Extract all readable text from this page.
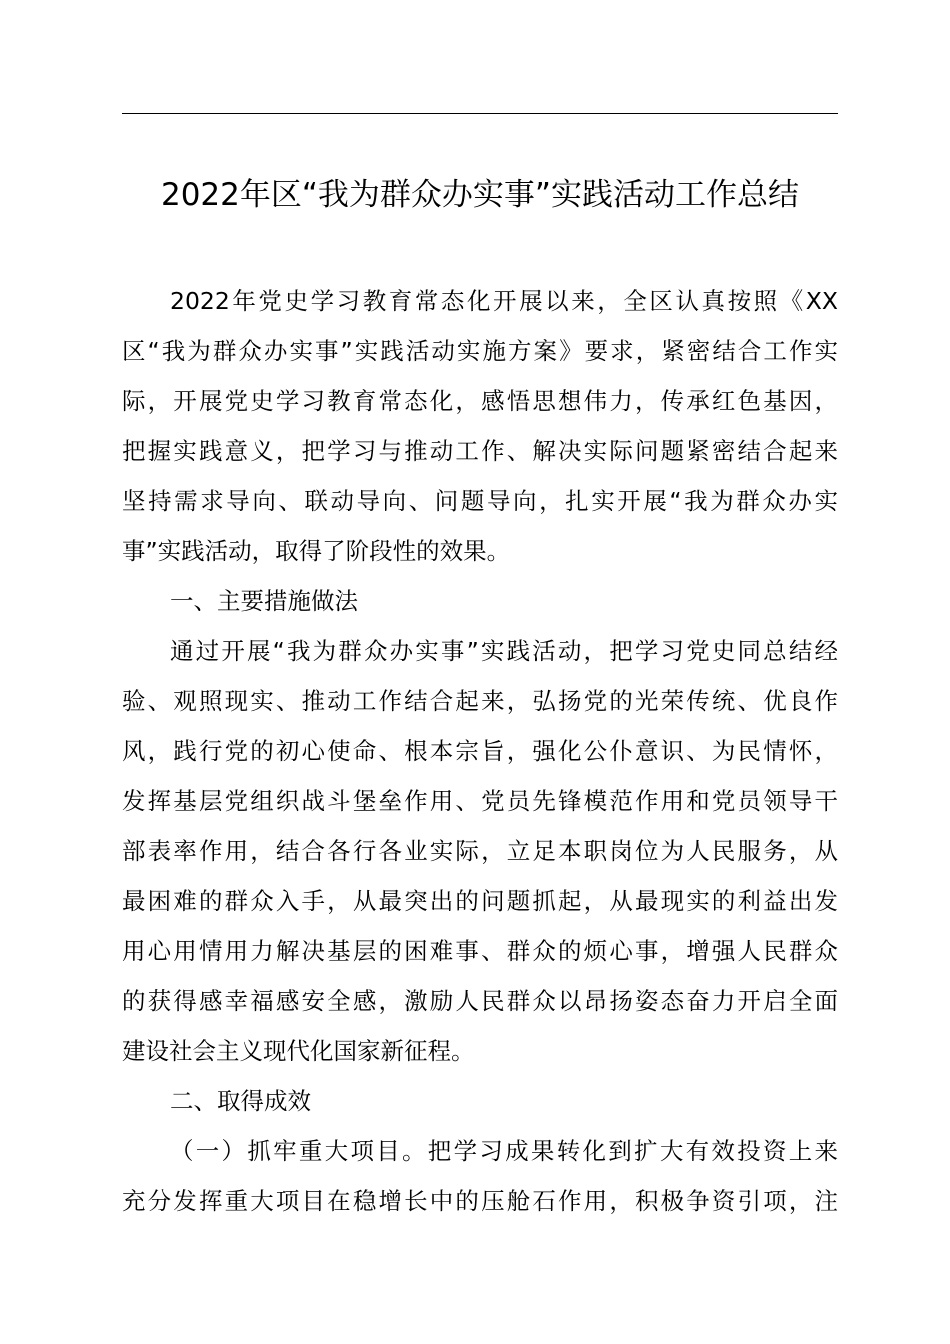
2022年区“我为群众办实事”实践活动工作总结
2022年党史学习教育常态化开展以来，全区认真按照《XX
区“我为群众办实事”实践活动实施方案》要求，紧密结合工作实
际，开展党史学习教育常态化，感悟思想伟力，传承红色基因，
把握实践意义，把学习与推动工作、解决实际问题紧密结合起来
坚持需求导向、联动导向、问题导向，扎实开展“我为群众办实
事”实践活动，取得了阶段性的效果。
一、主要措施做法
通过开展“我为群众办实事”实践活动，把学习党史同总结经
验、观照现实、推动工作结合起来，弘扬党的光荣传统、优良作
风，践行党的初心使命、根本宗旨，强化公仆意识、为民情怀，
发挥基层党组织战斗堡垒作用、党员先锋模范作用和党员领导干
部表率作用，结合各行各业实际，立足本职岗位为人民服务，从
最困难的群众入手，从最突出的问题抓起，从最现实的利益出发
用心用情用力解决基层的困难事、群众的烦心事，增强人民群众
的获得感幸福感安全感，激励人民群众以昂扬姿态奋力开启全面
建设社会主义现代化国家新征程。
二、取得成效
（一）抓牢重大项目。把学习成果转化到扩大有效投资上来
充分发挥重大项目在稳增长中的压舱石作用，积极争资引项，注
